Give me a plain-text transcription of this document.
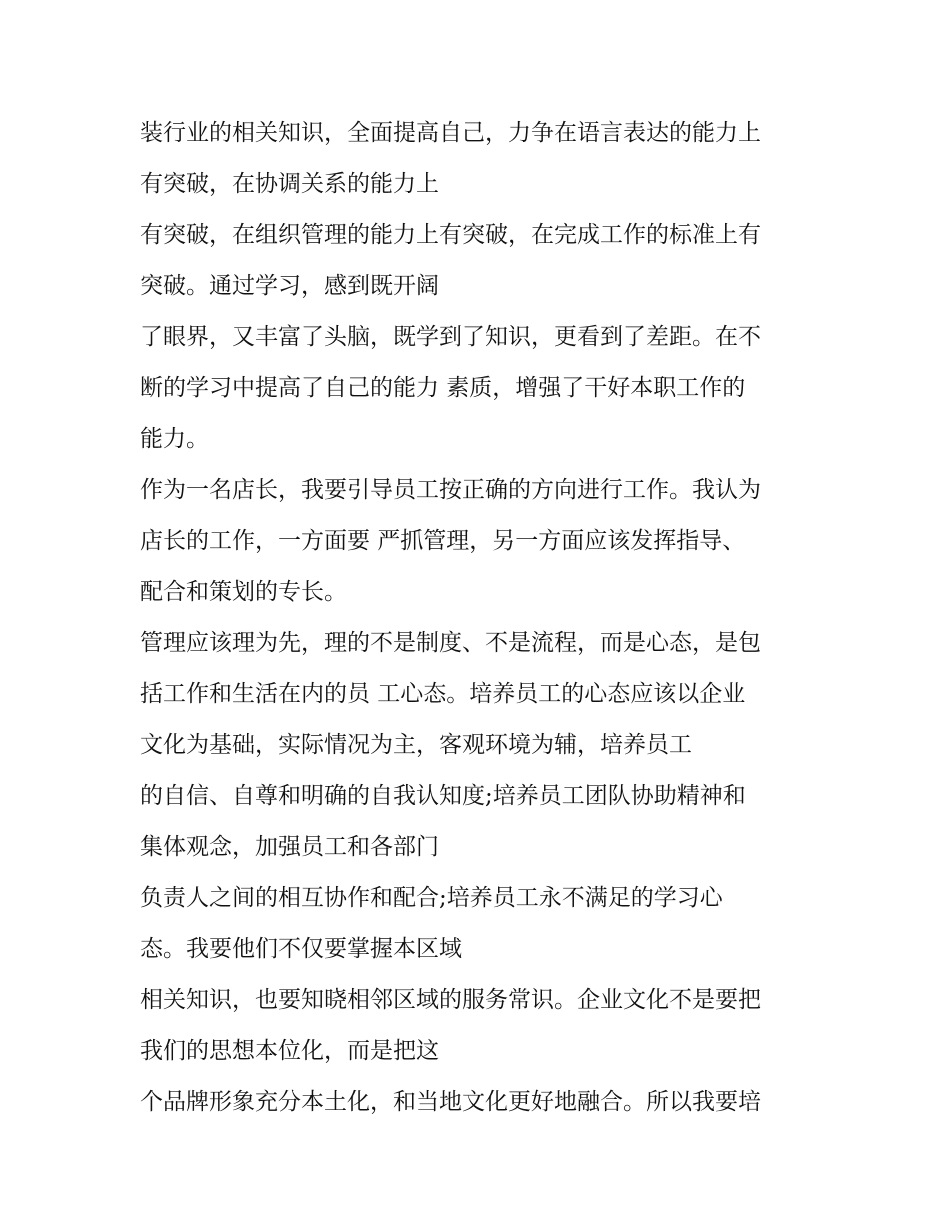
装行业的相关知识，全面提高自己，力争在语言表达的能力上
有突破，在协调关系的能力上
有突破，在组织管理的能力上有突破，在完成工作的标准上有
突破。通过学习，感到既开阔
了眼界，又丰富了头脑，既学到了知识，更看到了差距。在不
断的学习中提高了自己的能力 素质，增强了干好本职工作的
能力。
作为一名店长，我要引导员工按正确的方向进行工作。我认为
店长的工作，一方面要 严抓管理，另一方面应该发挥指导、
配合和策划的专长。
管理应该理为先，理的不是制度、不是流程，而是心态，是包
括工作和生活在内的员 工心态。培养员工的心态应该以企业
文化为基础，实际情况为主，客观环境为辅，培养员工
的自信、自尊和明确的自我认知度;培养员工团队协助精神和
集体观念，加强员工和各部门
负责人之间的相互协作和配合;培养员工永不满足的学习心
态。我要他们不仅要掌握本区域
相关知识，也要知晓相邻区域的服务常识。企业文化不是要把
我们的思想本位化，而是把这
个品牌形象充分本土化，和当地文化更好地融合。所以我要培
